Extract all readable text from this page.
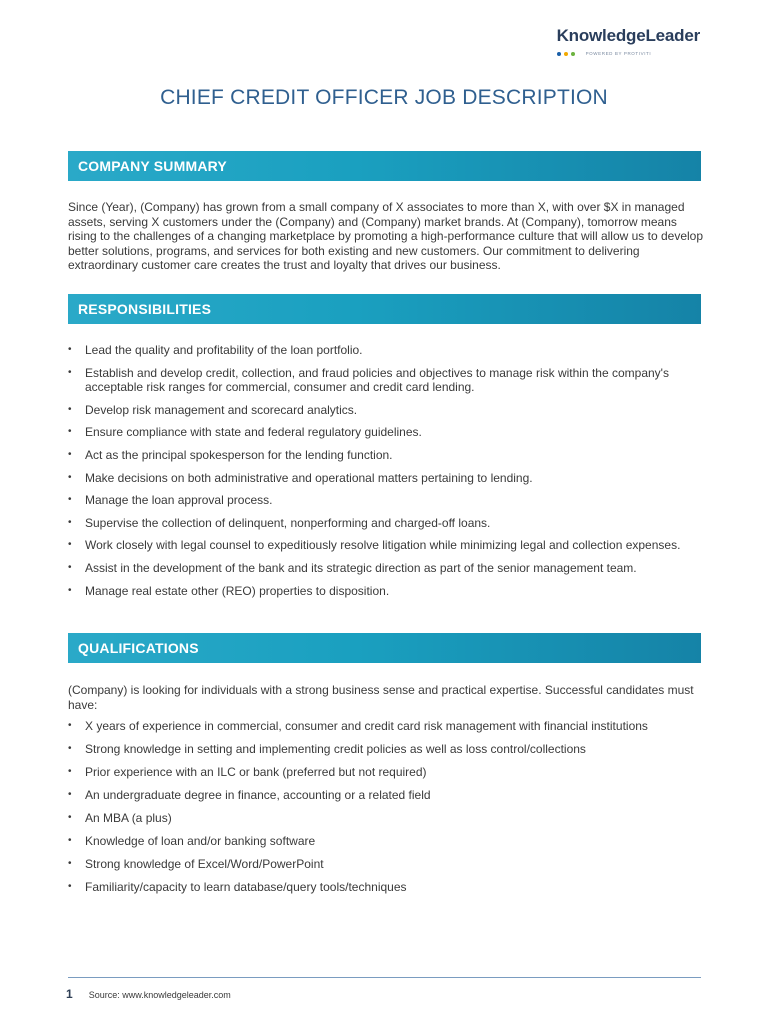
KnowledgeLeader
POWERED BY PROTIVITI
CHIEF CREDIT OFFICER JOB DESCRIPTION
COMPANY SUMMARY
Since (Year), (Company) has grown from a small company of X associates to more than X, with over $X in managed assets, serving X customers under the (Company) and (Company) market brands. At (Company), tomorrow means rising to the challenges of a changing marketplace by promoting a high-performance culture that will allow us to develop better solutions, programs, and services for both existing and new customers. Our commitment to delivering extraordinary customer care creates the trust and loyalty that drives our business.
RESPONSIBILITIES
• Lead the quality and profitability of the loan portfolio.
• Establish and develop credit, collection, and fraud policies and objectives to manage risk within the company's acceptable risk ranges for commercial, consumer and credit card lending.
• Develop risk management and scorecard analytics.
• Ensure compliance with state and federal regulatory guidelines.
• Act as the principal spokesperson for the lending function.
• Make decisions on both administrative and operational matters pertaining to lending.
• Manage the loan approval process.
• Supervise the collection of delinquent, nonperforming and charged-off loans.
• Work closely with legal counsel to expeditiously resolve litigation while minimizing legal and collection expenses.
• Assist in the development of the bank and its strategic direction as part of the senior management team.
• Manage real estate other (REO) properties to disposition.
QUALIFICATIONS
(Company) is looking for individuals with a strong business sense and practical expertise. Successful candidates must have:
• X years of experience in commercial, consumer and credit card risk management with financial institutions
• Strong knowledge in setting and implementing credit policies as well as loss control/collections
• Prior experience with an ILC or bank (preferred but not required)
• An undergraduate degree in finance, accounting or a related field
• An MBA (a plus)
• Knowledge of loan and/or banking software
• Strong knowledge of Excel/Word/PowerPoint
• Familiarity/capacity to learn database/query tools/techniques
1 Source: www.knowledgeleader.com
